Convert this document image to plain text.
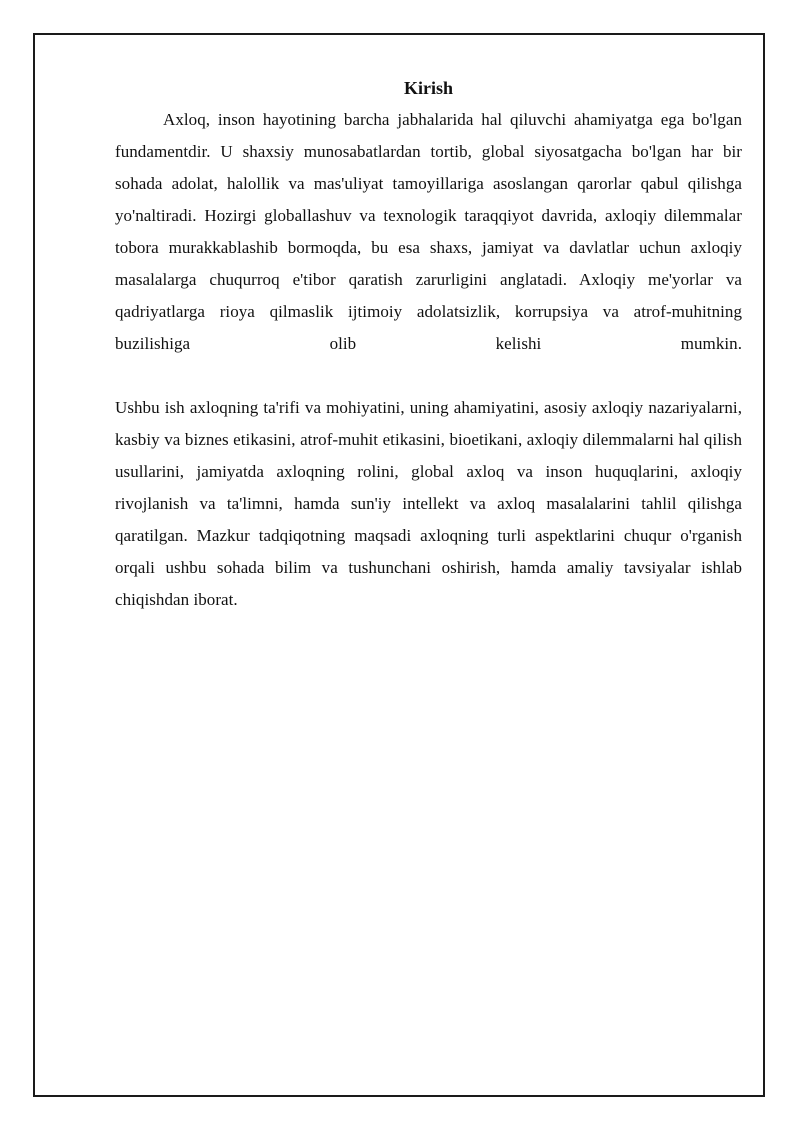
Kirish

Axloq, inson hayotining barcha jabhalarida hal qiluvchi ahamiyatga ega bo'lgan fundamentdir. U shaxsiy munosabatlardan tortib, global siyosatgacha bo'lgan har bir sohada adolat, halollik va mas'uliyat tamoyillariga asoslangan qarorlar qabul qilishga yo'naltiradi. Hozirgi globallashuv va texnologik taraqqiyot davrida, axloqiy dilemmalar tobora murakkablashib bormoqda, bu esa shaxs, jamiyat va davlatlar uchun axloqiy masalalarga chuqurroq e'tibor qaratish zarurligini anglatadi. Axloqiy me'yorlar va qadriyatlarga rioya qilmaslik ijtimoiy adolatsizlik, korrupsiya va atrof-muhitning buzilishiga olib kelishi mumkin.

Ushbu ish axloqning ta'rifi va mohiyatini, uning ahamiyatini, asosiy axloqiy nazariyalarni, kasbiy va biznes etikasini, atrof-muhit etikasini, bioetikani, axloqiy dilemmalarni hal qilish usullarini, jamiyatda axloqning rolini, global axloq va inson huquqlarini, axloqiy rivojlanish va ta'limni, hamda sun'iy intellekt va axloq masalalarini tahlil qilishga qaratilgan. Mazkur tadqiqotning maqsadi axloqning turli aspektlarini chuqur o'rganish orqali ushbu sohada bilim va tushunchani oshirish, hamda amaliy tavsiyalar ishlab chiqishdan iborat.
